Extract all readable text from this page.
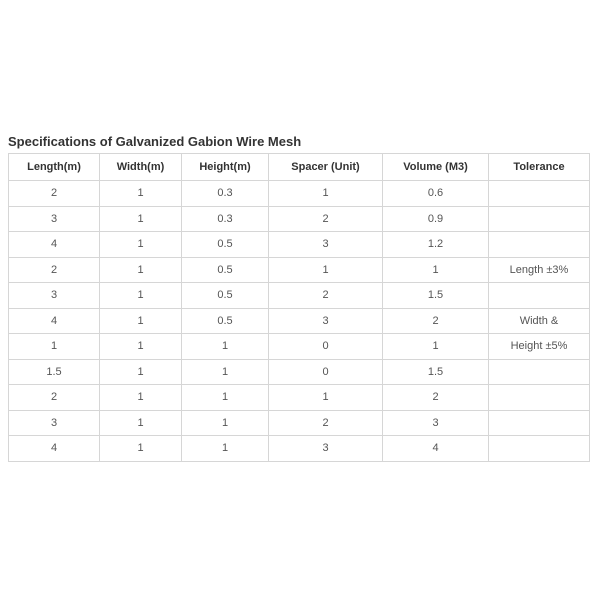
Specifications of Galvanized Gabion Wire Mesh
Length(m)	Width(m)	Height(m)	Spacer (Unit)	Volume (M3)	Tolerance
2	1	0.3	1	0.6	
3	1	0.3	2	0.9	
4	1	0.5	3	1.2	
2	1	0.5	1	1	Length ±3%
3	1	0.5	2	1.5	
4	1	0.5	3	2	Width &
1	1	1	0	1	Height ±5%
1.5	1	1	0	1.5	
2	1	1	1	2	
3	1	1	2	3	
4	1	1	3	4	
